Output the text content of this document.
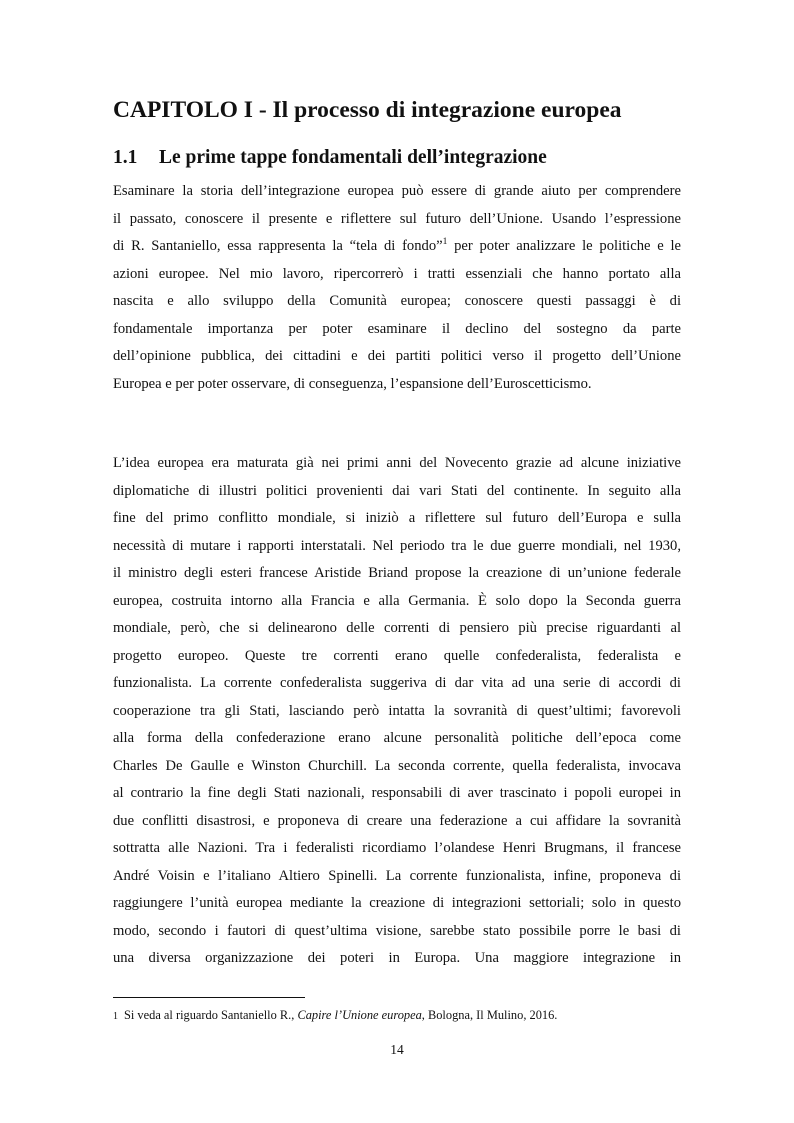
CAPITOLO I - Il processo di integrazione europea
1.1 Le prime tappe fondamentali dell’integrazione
Esaminare la storia dell’integrazione europea può essere di grande aiuto per comprendere
il passato, conoscere il presente e riflettere sul futuro dell’Unione. Usando l’espressione
di R. Santaniello, essa rappresenta la “tela di fondo”$^1$ per poter analizzare le politiche e le
azioni europee. Nel mio lavoro, ripercorrerò i tratti essenziali che hanno portato alla
nascita e allo sviluppo della Comunità europea; conoscere questi passaggi è di
fondamentale importanza per poter esaminare il declino del sostegno da parte
dell’opinione pubblica, dei cittadini e dei partiti politici verso il progetto dell’Unione
Europea e per poter osservare, di conseguenza, l’espansione dell’Euroscetticismo.
L’idea europea era maturata già nei primi anni del Novecento grazie ad alcune iniziative
diplomatiche di illustri politici provenienti dai vari Stati del continente. In seguito alla
fine del primo conflitto mondiale, si iniziò a riflettere sul futuro dell’Europa e sulla
necessità di mutare i rapporti interstatali. Nel periodo tra le due guerre mondiali, nel 1930,
il ministro degli esteri francese Aristide Briand propose la creazione di un’unione federale
europea, costruita intorno alla Francia e alla Germania. È solo dopo la Seconda guerra
mondiale, però, che si delinearono delle correnti di pensiero più precise riguardanti al
progetto europeo. Queste tre correnti erano quelle confederalista, federalista e
funzionalista. La corrente confederalista suggeriva di dar vita ad una serie di accordi di
cooperazione tra gli Stati, lasciando però intatta la sovranità di quest’ultimi; favorevoli
alla forma della confederazione erano alcune personalità politiche dell’epoca come
Charles De Gaulle e Winston Churchill. La seconda corrente, quella federalista, invocava
al contrario la fine degli Stati nazionali, responsabili di aver trascinato i popoli europei in
due conflitti disastrosi, e proponeva di creare una federazione a cui affidare la sovranità
sottratta alle Nazioni. Tra i federalisti ricordiamo l’olandese Henri Brugmans, il francese
André Voisin e l’italiano Altiero Spinelli. La corrente funzionalista, infine, proponeva di
raggiungere l’unità europea mediante la creazione di integrazioni settoriali; solo in questo
modo, secondo i fautori di quest’ultima visione, sarebbe stato possibile porre le basi di
una diversa organizzazione dei poteri in Europa. Una maggiore integrazione in

1 Si veda al riguardo Santaniello R., Capire l’Unione europea, Bologna, Il Mulino, 2016.

14
